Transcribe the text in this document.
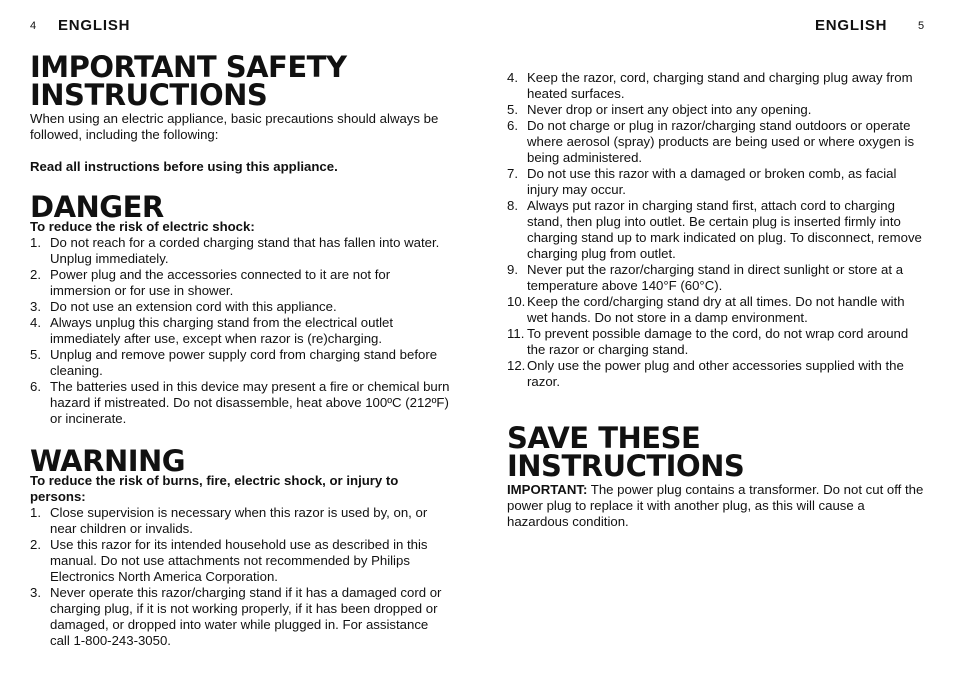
4 ENGLISH
IMPORTANT SAFETY INSTRUCTIONS

When using an electric appliance, basic precautions should always be followed, including the following:

Read all instructions before using this appliance.

DANGER

To reduce the risk of electric shock:

1. Do not reach for a corded charging stand that has fallen into water. Unplug immediately.
2. Power plug and the accessories connected to it are not for immersion or for use in shower.
3. Do not use an extension cord with this appliance.
4. Always unplug this charging stand from the electrical outlet immediately after use, except when razor is (re)charging.
5. Unplug and remove power supply cord from charging stand before cleaning.
6. The batteries used in this device may present a fire or chemical burn hazard if mistreated. Do not disassemble, heat above 100ºC (212ºF) or incinerate.
WARNING

To reduce the risk of burns, fire, electric shock, or injury to persons:

1. Close supervision is necessary when this razor is used by, on, or near children or invalids.
2. Use this razor for its intended household use as described in this manual. Do not use attachments not recommended by Philips Electronics North America Corporation.
3. Never operate this razor/charging stand if it has a damaged cord or charging plug, if it is not working properly, if it has been dropped or damaged, or dropped into water while plugged in. For assistance call 1-800-243-3050.
ENGLISH	5
4. Keep the razor, cord, charging stand and charging plug away from heated surfaces.
5. Never drop or insert any object into any opening.
6. Do not charge or plug in razor/charging stand outdoors or operate where aerosol (spray) products are being used or where oxygen is being administered.
7. Do not use this razor with a damaged or broken comb, as facial injury may occur.
8. Always put razor in charging stand first, attach cord to charging stand, then plug into outlet. Be certain plug is inserted firmly into charging stand up to mark indicated on plug. To disconnect, remove charging plug from outlet.
9. Never put the razor/charging stand in direct sunlight or store at a temperature above 140°F (60°C).
10. Keep the cord/charging stand dry at all times. Do not handle with wet hands. Do not store in a damp environment.
11. To prevent possible damage to the cord, do not wrap cord around the razor or charging stand.
12. Only use the power plug and other accessories supplied with the razor.
SAVE THESE INSTRUCTIONS

IMPORTANT: The power plug contains a transformer. Do not cut off the power plug to replace it with another plug, as this will cause a hazardous condition.
